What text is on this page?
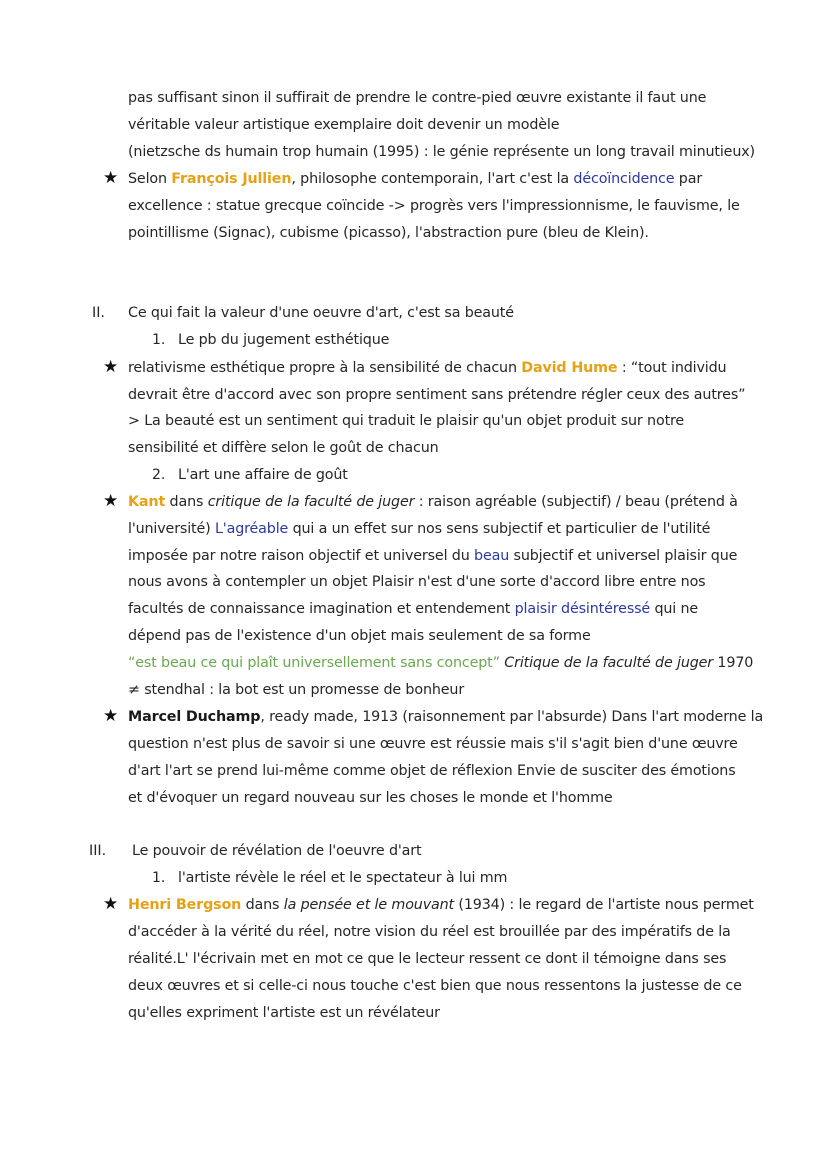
pas suffisant sinon il suffirait de prendre le contre-pied œuvre existante il faut une

véritable valeur artistique exemplaire doit devenir un modèle

(nietzsche ds humain trop humain (1995) : le génie représente un long travail minutieux)

★ Selon François Jullien, philosophe contemporain, l'art c'est la décoïncidence par

excellence : statue grecque coïncide -> progrès vers l'impressionnisme, le fauvisme, le

pointillisme (Signac), cubisme (picasso), l'abstraction pure (bleu de Klein).

II. Ce qui fait la valeur d'une oeuvre d'art, c'est sa beauté

1. Le pb du jugement esthétique

★ relativisme esthétique propre à la sensibilité de chacun David Hume : “tout individu

devrait être d'accord avec son propre sentiment sans prétendre régler ceux des autres”

> La beauté est un sentiment qui traduit le plaisir qu'un objet produit sur notre

sensibilité et diffère selon le goût de chacun

2. L'art une affaire de goût

★ Kant dans critique de la faculté de juger : raison agréable (subjectif) / beau (prétend à

l'université) L'agréable qui a un effet sur nos sens subjectif et particulier de l'utilité

imposée par notre raison objectif et universel du beau subjectif et universel plaisir que

nous avons à contempler un objet Plaisir n'est d'une sorte d'accord libre entre nos

facultés de connaissance imagination et entendement plaisir désintéressé qui ne

dépend pas de l'existence d'un objet mais seulement de sa forme

“est beau ce qui plaît universellement sans concept” Critique de la faculté de juger 1970

≠ stendhal : la bot est un promesse de bonheur

★ Marcel Duchamp, ready made, 1913 (raisonnement par l'absurde) Dans l'art moderne la

question n'est plus de savoir si une œuvre est réussie mais s'il s'agit bien d'une œuvre

d'art l'art se prend lui-même comme objet de réflexion Envie de susciter des émotions

et d'évoquer un regard nouveau sur les choses le monde et l'homme

III. Le pouvoir de révélation de l'oeuvre d'art

1. l'artiste révèle le réel et le spectateur à lui mm

★ Henri Bergson dans la pensée et le mouvant (1934) : le regard de l'artiste nous permet

d'accéder à la vérité du réel, notre vision du réel est brouillée par des impératifs de la

réalité.L' l'écrivain met en mot ce que le lecteur ressent ce dont il témoigne dans ses

deux œuvres et si celle-ci nous touche c'est bien que nous ressentons la justesse de ce

qu'elles expriment l'artiste est un révélateur
